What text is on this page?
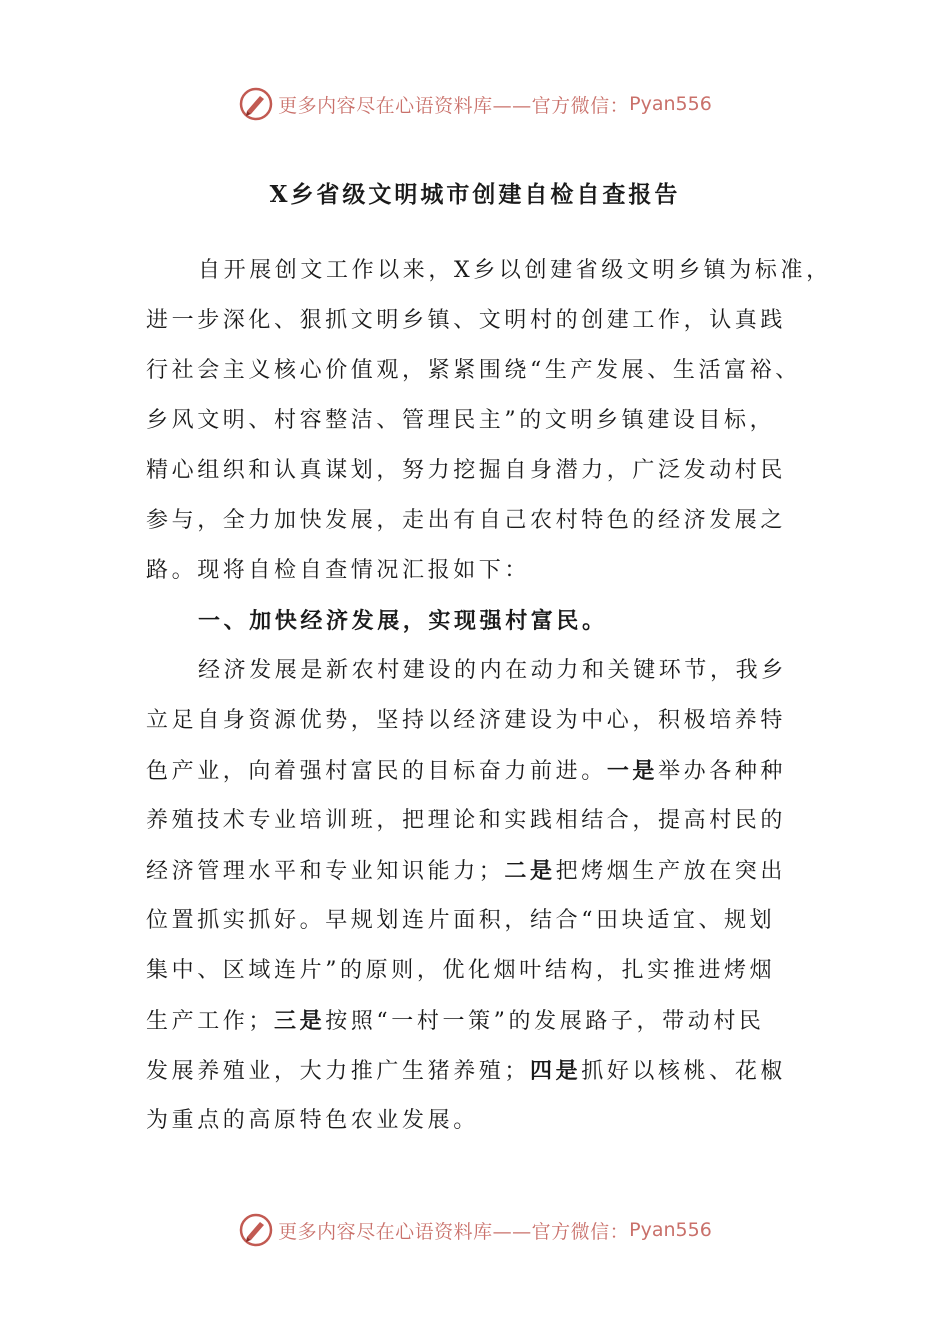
更多内容尽在心语资料库——官方微信： Pyan556
X乡省级文明城市创建自检自查报告
自开展创文工作以来，X乡以创建省级文明乡镇为标准，
进一步深化、狠抓文明乡镇、文明村的创建工作，认真践
行社会主义核心价值观，紧紧围绕“生产发展、生活富裕、
乡风文明、村容整洁、管理民主”的文明乡镇建设目标，
精心组织和认真谋划，努力挖掘自身潜力，广泛发动村民
参与，全力加快发展，走出有自己农村特色的经济发展之
路。现将自检自查情况汇报如下：
一、加快经济发展，实现强村富民。
经济发展是新农村建设的内在动力和关键环节，我乡
立足自身资源优势，坚持以经济建设为中心，积极培养特
色产业，向着强村富民的目标奋力前进。一是举办各种种
养殖技术专业培训班，把理论和实践相结合，提高村民的
经济管理水平和专业知识能力；二是把烤烟生产放在突出
位置抓实抓好。早规划连片面积，结合“田块适宜、规划
集中、区域连片”的原则，优化烟叶结构，扎实推进烤烟
生产工作；三是按照“一村一策”的发展路子，带动村民
发展养殖业，大力推广生猪养殖；四是抓好以核桃、花椒
为重点的高原特色农业发展。
更多内容尽在心语资料库——官方微信： Pyan556
